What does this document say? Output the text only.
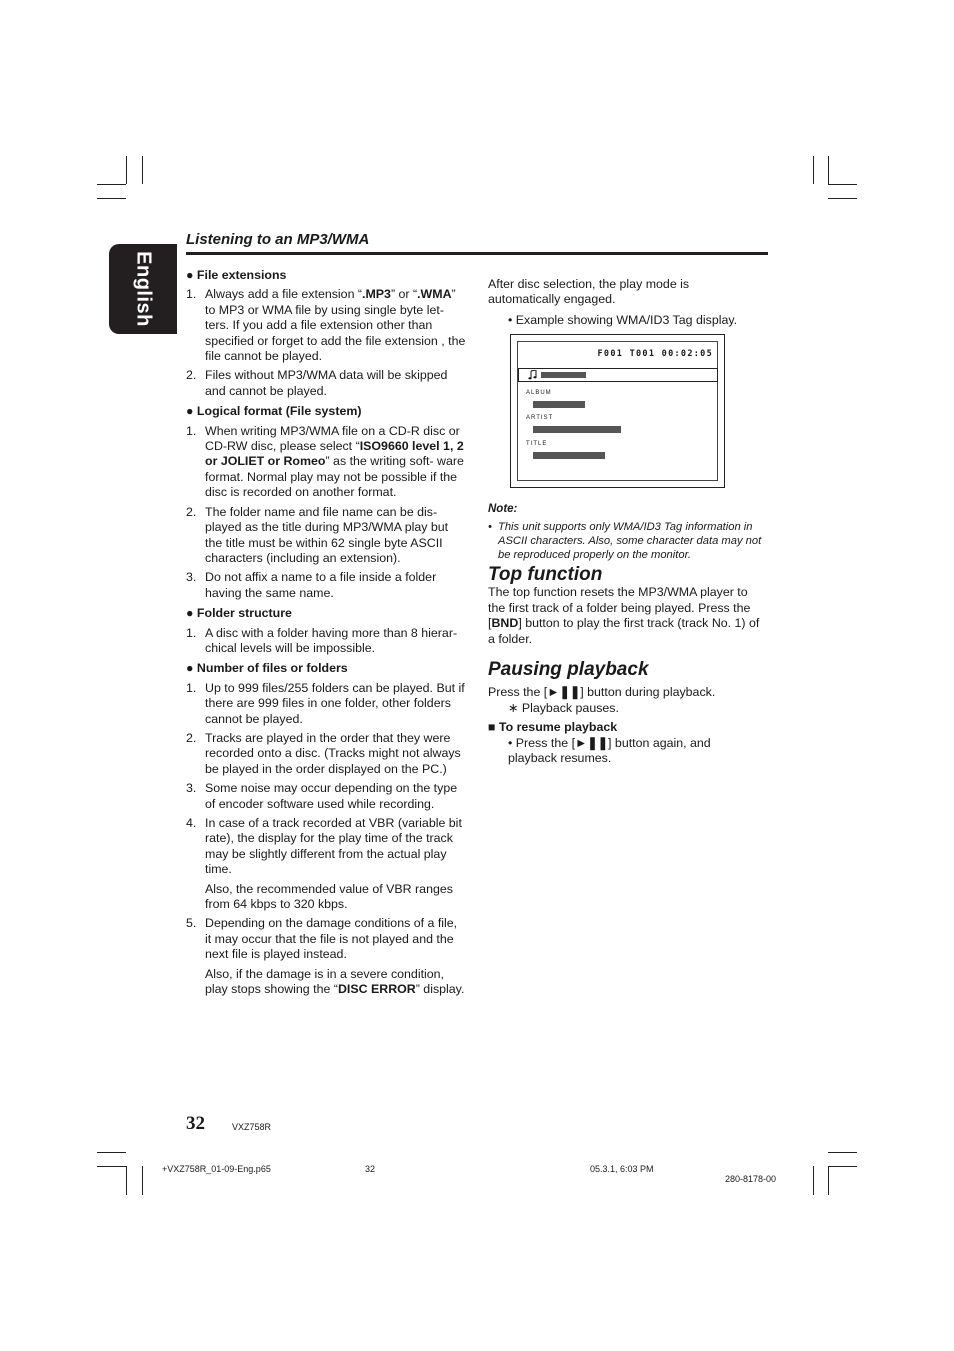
English
Listening to an MP3/WMA

● File extensions

1. Always add a file extension “.MP3” or “.WMA” to MP3 or WMA file by using single byte let- ters. If you add a file extension other than specified or forget to add the file extension , the file cannot be played.

2. Files without MP3/WMA data will be skipped and cannot be played.

● Logical format (File system)

1. When writing MP3/WMA file on a CD-R disc or CD-RW disc, please select “ISO9660 level 1, 2 or JOLIET or Romeo” as the writing soft- ware format. Normal play may not be possible if the disc is recorded on another format.

2. The folder name and file name can be dis- played as the title during MP3/WMA play but the title must be within 62 single byte ASCII characters (including an extension).

3. Do not affix a name to a file inside a folder having the same name.

● Folder structure

1. A disc with a folder having more than 8 hierar- chical levels will be impossible.

● Number of files or folders

1. Up to 999 files/255 folders can be played. But if there are 999 files in one folder, other folders cannot be played.

2. Tracks are played in the order that they were recorded onto a disc. (Tracks might not always be played in the order displayed on the PC.)

3. Some noise may occur depending on the type of encoder software used while recording.

4. In case of a track recorded at VBR (variable bit rate), the display for the play time of the track may be slightly different from the actual play time.

Also, the recommended value of VBR ranges from 64 kbps to 320 kbps.

5. Depending on the damage conditions of a file, it may occur that the file is not played and the next file is played instead.

Also, if the damage is in a severe condition, play stops showing the “DISC ERROR” display.

After disc selection, the play mode is automatically engaged.

• Example showing WMA/ID3 Tag display.

F001 T001 00:02:05
ALBUM
ARTIST
TITLE

Note:

• This unit supports only WMA/ID3 Tag information in ASCII characters. Also, some character data may not be reproduced properly on the monitor.

Top function

The top function resets the MP3/WMA player to the first track of a folder being played. Press the [BND] button to play the first track (track No. 1) of a folder.

Pausing playback

Press the [►❚❚] button during playback.

∗ Playback pauses.

■ To resume playback

• Press the [►❚❚] button again, and playback resumes.

32	VXZ758R
+VXZ758R_01-09-Eng.p65	32	05.3.1, 6:03 PM
280-8178-00
